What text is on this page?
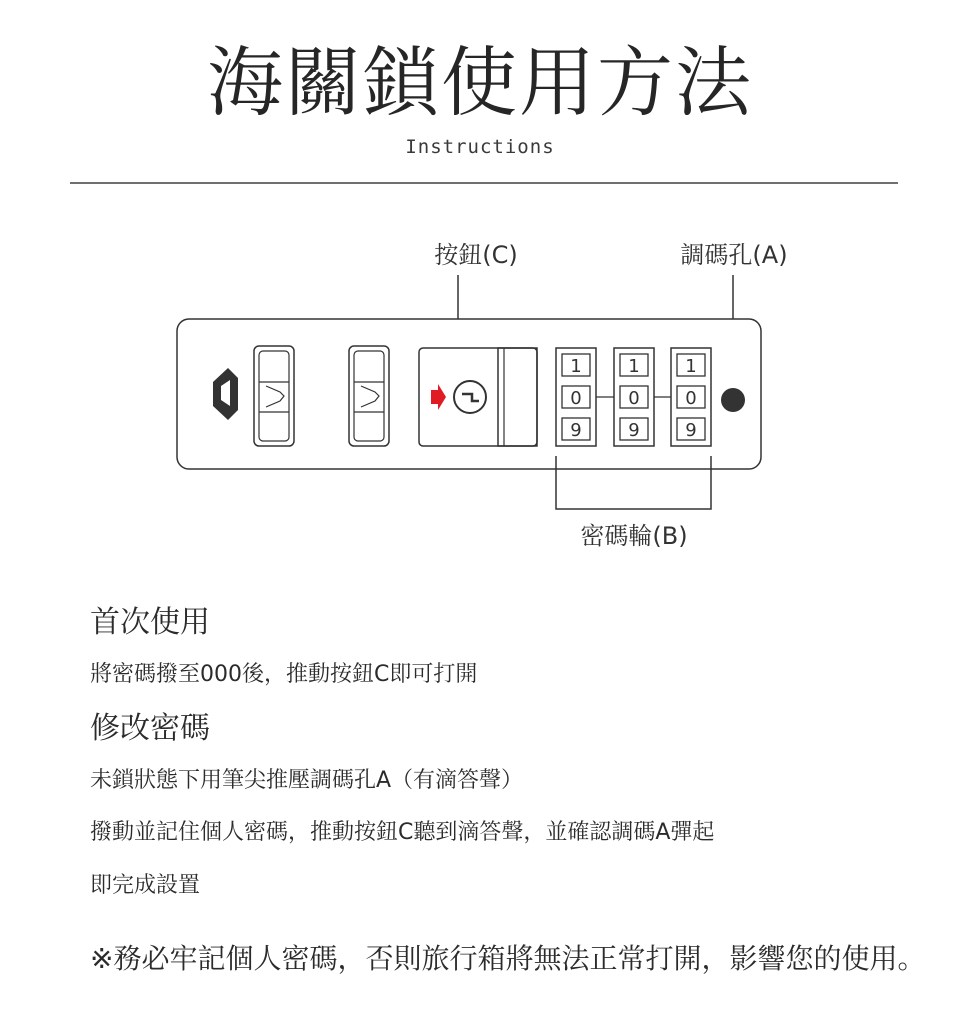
海關鎖使用方法
Instructions
按鈕(C)	調碼孔(A)
1
0
9
1
0
9
1
0
9
密碼輪(B)
首次使用
將密碼撥至000後，推動按鈕C即可打開
修改密碼
未鎖狀態下用筆尖推壓調碼孔A（有滴答聲）
撥動並記住個人密碼，推動按鈕C聽到滴答聲，並確認調碼A彈起
即完成設置
※務必牢記個人密碼，否則旅行箱將無法正常打開，影響您的使用。
